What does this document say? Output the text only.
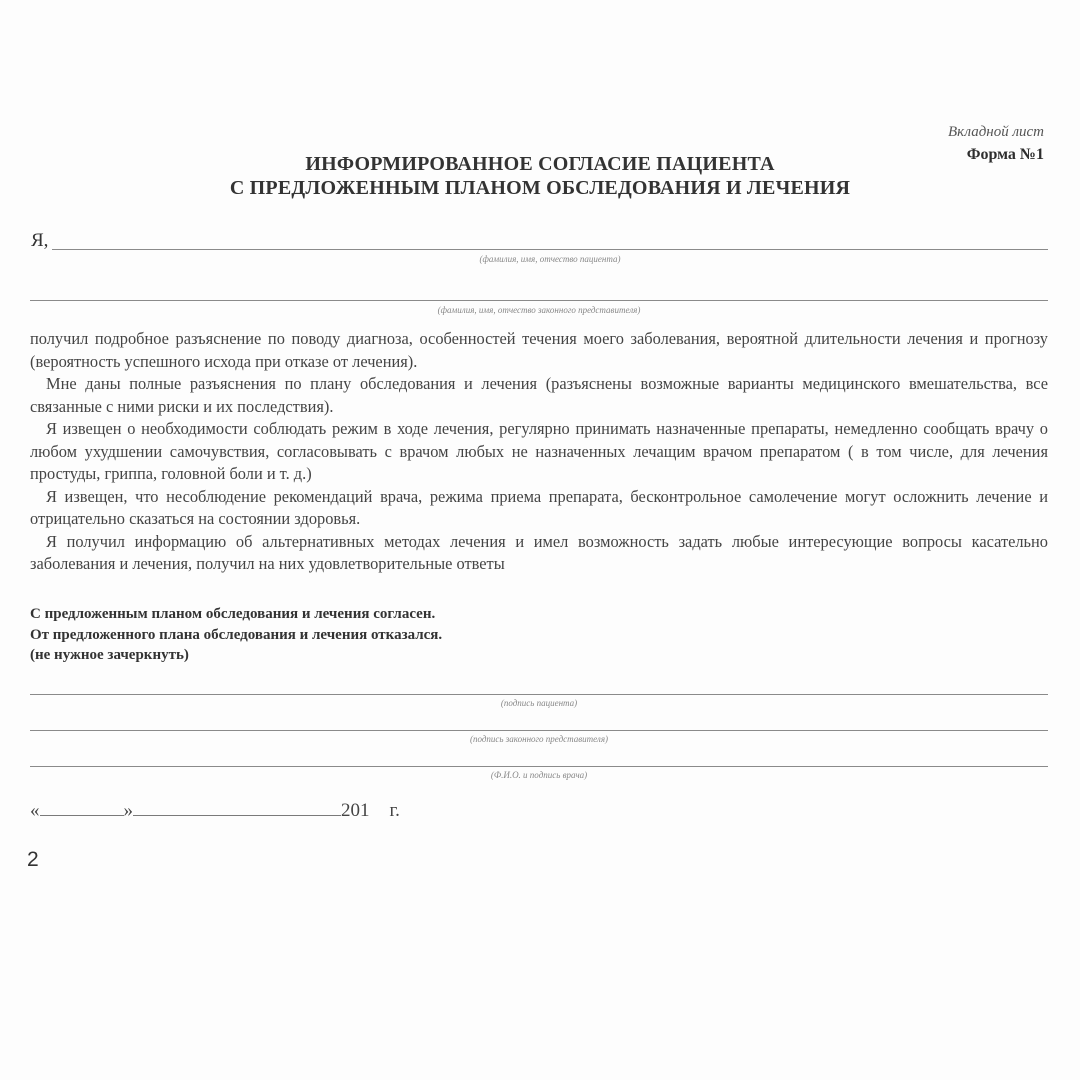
Вкладной лист
Форма №1
ИНФОРМИРОВАННОЕ СОГЛАСИЕ ПАЦИЕНТА
С ПРЕДЛОЖЕННЫМ ПЛАНОМ ОБСЛЕДОВАНИЯ И ЛЕЧЕНИЯ
Я,
(фамилия, имя, отчество пациента)
(фамилия, имя, отчество законного представителя)

получил подробное разъяснение по поводу диагноза, особенностей течения моего заболевания, вероятной длительности лечения и прогнозу (вероятность успешного исхода при отказе от лечения).

Мне даны полные разъяснения по плану обследования и лечения (разъяснены возможные варианты медицинского вмешательства, все связанные с ними риски и их последствия).

Я извещен о необходимости соблюдать режим в ходе лечения, регулярно принимать назначенные препараты, немедленно сообщать врачу о любом ухудшении самочувствия, согласовывать с врачом любых не назначенных лечащим врачом препаратом ( в том числе, для лечения простуды, гриппа, головной боли и т. д.)

Я извещен, что несоблюдение рекомендаций врача, режима приема препарата, бесконтрольное самолечение могут осложнить лечение и отрицательно сказаться на состоянии здоровья.

Я получил информацию об альтернативных методах лечения и имел возможность задать любые интересующие вопросы касательно заболевания и лечения, получил на них удовлетворительные ответы

С предложенным планом обследования и лечения согласен.
От предложенного плана обследования и лечения отказался.
(не нужное зачеркнуть)
(подпись пациента)
(подпись законного представителя)
(Ф.И.О. и подпись врача)
«	»	201 г.
2
